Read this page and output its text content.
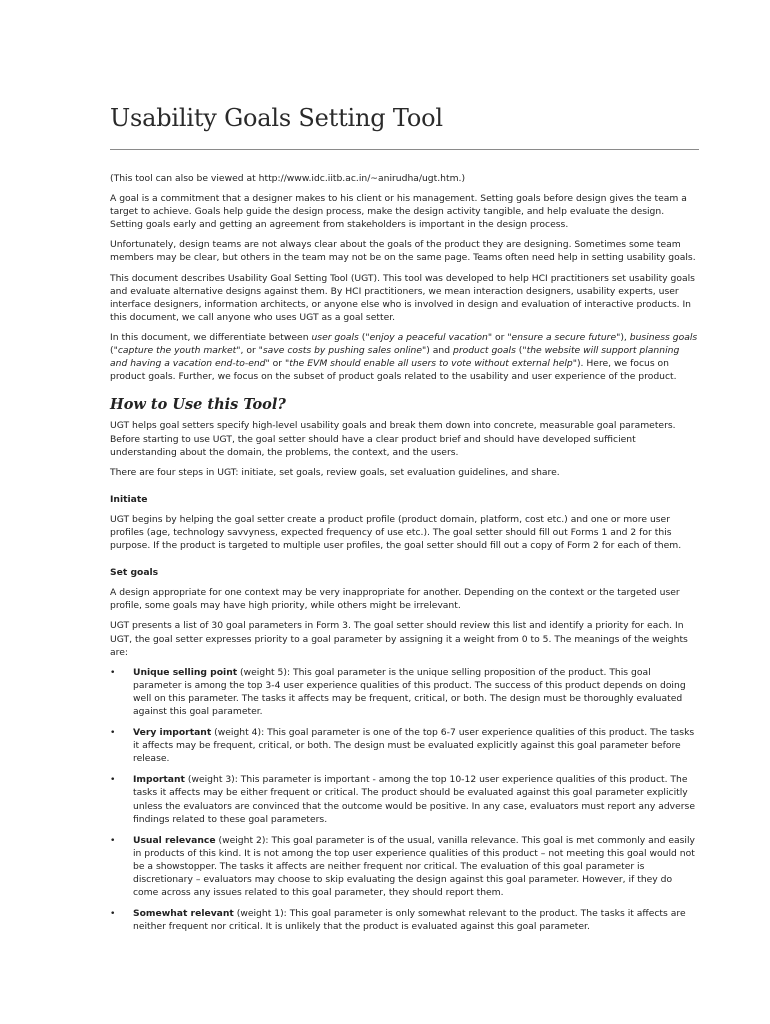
Usability Goals Setting Tool

(This tool can also be viewed at http://www.idc.iitb.ac.in/~anirudha/ugt.htm.)

A goal is a commitment that a designer makes to his client or his management. Setting goals before design gives the team a target to achieve. Goals help guide the design process, make the design activity tangible, and help evaluate the design. Setting goals early and getting an agreement from stakeholders is important in the design process.

Unfortunately, design teams are not always clear about the goals of the product they are designing. Sometimes some team members may be clear, but others in the team may not be on the same page. Teams often need help in setting usability goals.

This document describes Usability Goal Setting Tool (UGT). This tool was developed to help HCI practitioners set usability goals and evaluate alternative designs against them. By HCI practitioners, we mean interaction designers, usability experts, user interface designers, information architects, or anyone else who is involved in design and evaluation of interactive products. In this document, we call anyone who uses UGT as a goal setter.

In this document, we differentiate between user goals ("enjoy a peaceful vacation" or "ensure a secure future"), business goals ("capture the youth market", or "save costs by pushing sales online") and product goals ("the website will support planning and having a vacation end-to-end" or "the EVM should enable all users to vote without external help"). Here, we focus on product goals. Further, we focus on the subset of product goals related to the usability and user experience of the product.

How to Use this Tool?

UGT helps goal setters specify high-level usability goals and break them down into concrete, measurable goal parameters. Before starting to use UGT, the goal setter should have a clear product brief and should have developed sufficient understanding about the domain, the problems, the context, and the users.

There are four steps in UGT: initiate, set goals, review goals, set evaluation guidelines, and share.

Initiate

UGT begins by helping the goal setter create a product profile (product domain, platform, cost etc.) and one or more user profiles (age, technology savvyness, expected frequency of use etc.). The goal setter should fill out Forms 1 and 2 for this purpose. If the product is targeted to multiple user profiles, the goal setter should fill out a copy of Form 2 for each of them.

Set goals

A design appropriate for one context may be very inappropriate for another. Depending on the context or the targeted user profile, some goals may have high priority, while others might be irrelevant.

UGT presents a list of 30 goal parameters in Form 3. The goal setter should review this list and identify a priority for each. In UGT, the goal setter expresses priority to a goal parameter by assigning it a weight from 0 to 5. The meanings of the weights are:

• Unique selling point (weight 5): This goal parameter is the unique selling proposition of the product. This goal parameter is among the top 3-4 user experience qualities of this product. The success of this product depends on doing well on this parameter. The tasks it affects may be frequent, critical, or both. The design must be thoroughly evaluated against this goal parameter.
• Very important (weight 4): This goal parameter is one of the top 6-7 user experience qualities of this product. The tasks it affects may be frequent, critical, or both. The design must be evaluated explicitly against this goal parameter before release.
• Important (weight 3): This parameter is important - among the top 10-12 user experience qualities of this product. The tasks it affects may be either frequent or critical. The product should be evaluated against this goal parameter explicitly unless the evaluators are convinced that the outcome would be positive. In any case, evaluators must report any adverse findings related to these goal parameters.
• Usual relevance (weight 2): This goal parameter is of the usual, vanilla relevance. This goal is met commonly and easily in products of this kind. It is not among the top user experience qualities of this product – not meeting this goal would not be a showstopper. The tasks it affects are neither frequent nor critical. The evaluation of this goal parameter is discretionary – evaluators may choose to skip evaluating the design against this goal parameter. However, if they do come across any issues related to this goal parameter, they should report them.
• Somewhat relevant (weight 1): This goal parameter is only somewhat relevant to the product. The tasks it affects are neither frequent nor critical. It is unlikely that the product is evaluated against this goal parameter.
